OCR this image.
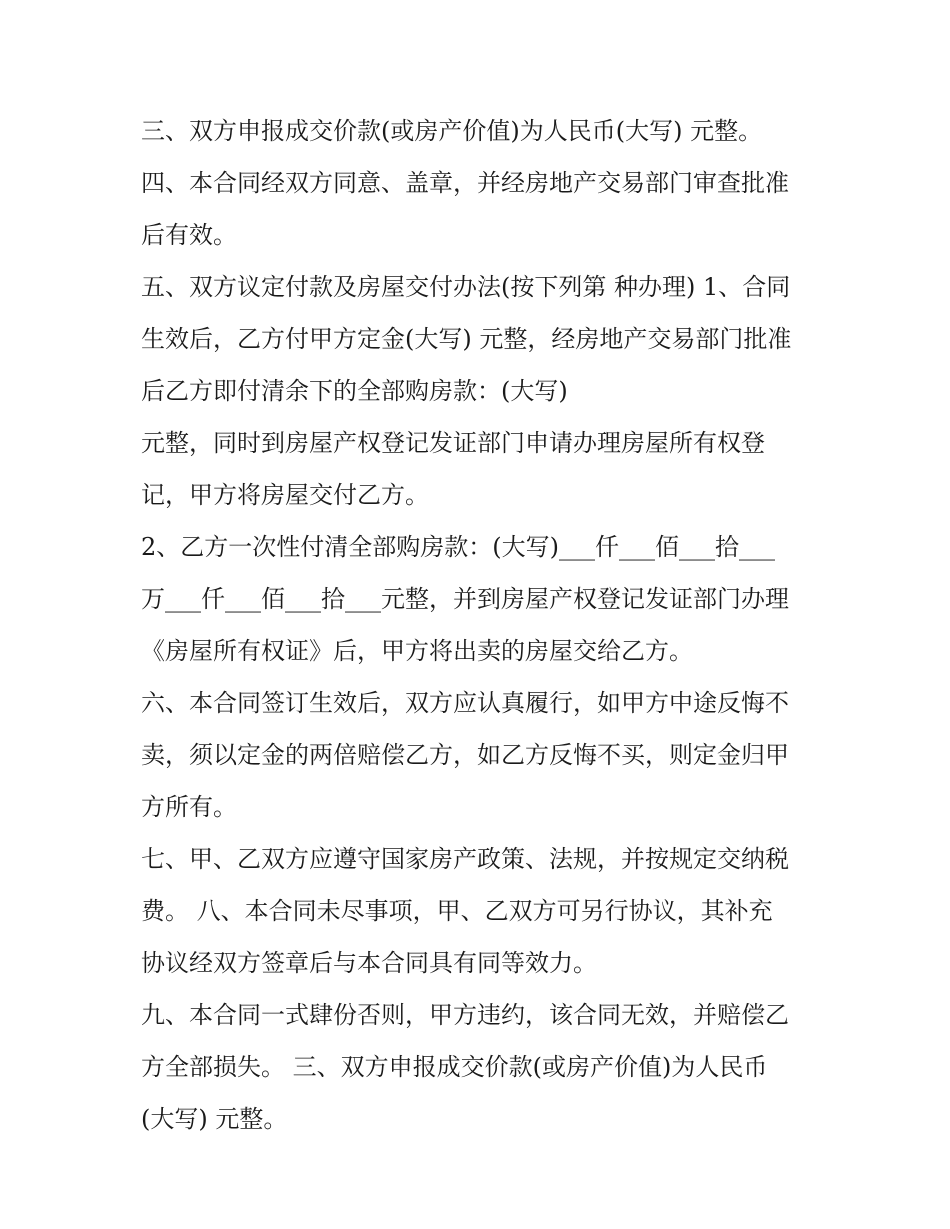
三、双方申报成交价款(或房产价值)为人民币(大写) 元整。
四、本合同经双方同意、盖章，并经房地产交易部门审查批准
后有效。
五、双方议定付款及房屋交付办法(按下列第 种办理) 1、合同
生效后，乙方付甲方定金(大写) 元整，经房地产交易部门批准
后乙方即付清余下的全部购房款：(大写)
元整，同时到房屋产权登记发证部门申请办理房屋所有权登
记，甲方将房屋交付乙方。
2、乙方一次性付清全部购房款：(大写)___仟___佰___拾___
万___仟___佰___拾___元整，并到房屋产权登记发证部门办理
《房屋所有权证》后，甲方将出卖的房屋交给乙方。
六、本合同签订生效后，双方应认真履行，如甲方中途反悔不
卖，须以定金的两倍赔偿乙方，如乙方反悔不买，则定金归甲
方所有。
七、甲、乙双方应遵守国家房产政策、法规，并按规定交纳税
费。 八、本合同未尽事项，甲、乙双方可另行协议，其补充
协议经双方签章后与本合同具有同等效力。
九、本合同一式肆份否则，甲方违约，该合同无效，并赔偿乙
方全部损失。 三、双方申报成交价款(或房产价值)为人民币
(大写) 元整。
